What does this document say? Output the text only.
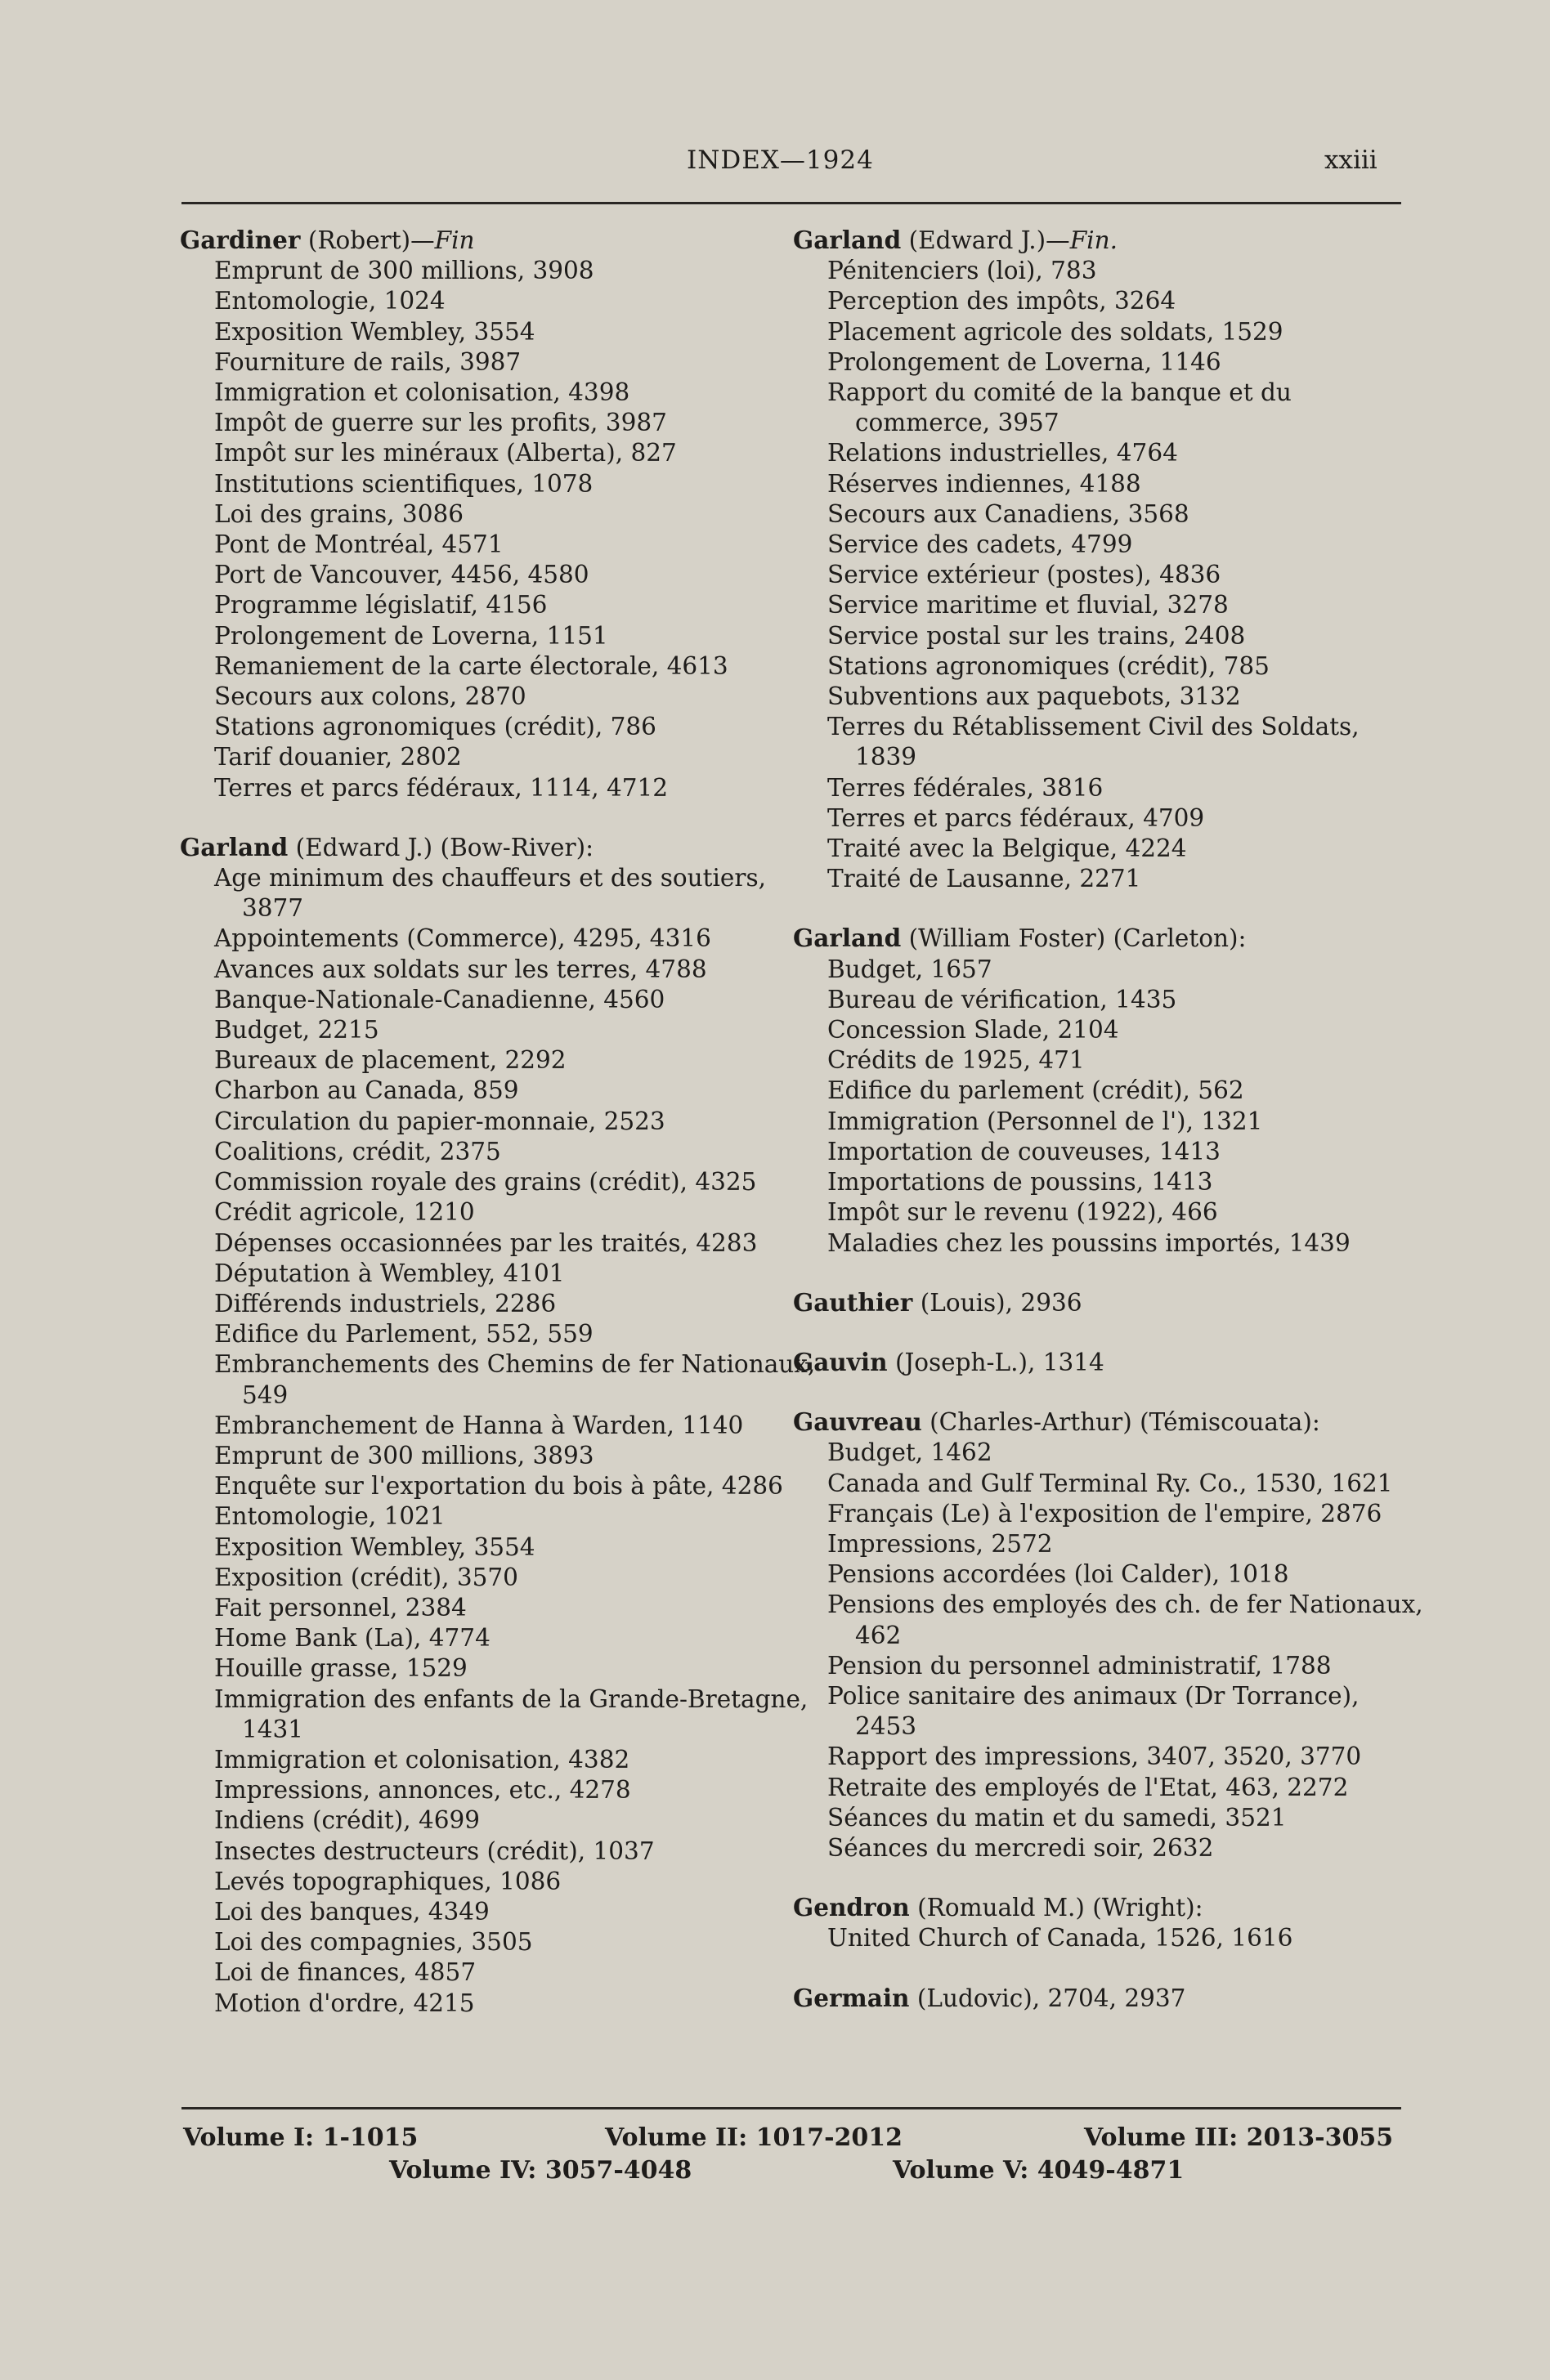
INDEX—1924	xxiii

Gardiner (Robert)—Fin

Emprunt de 300 millions, 3908

Entomologie, 1024

Exposition Wembley, 3554

Fourniture de rails, 3987

Immigration et colonisation, 4398

Impôt de guerre sur les profits, 3987

Impôt sur les minéraux (Alberta), 827

Institutions scientifiques, 1078

Loi des grains, 3086

Pont de Montréal, 4571

Port de Vancouver, 4456, 4580

Programme législatif, 4156

Prolongement de Loverna, 1151

Remaniement de la carte électorale, 4613

Secours aux colons, 2870

Stations agronomiques (crédit), 786

Tarif douanier, 2802

Terres et parcs fédéraux, 1114, 4712

Garland (Edward J.) (Bow-River):

Age minimum des chauffeurs et des soutiers, 3877

Appointements (Commerce), 4295, 4316

Avances aux soldats sur les terres, 4788

Banque-Nationale-Canadienne, 4560

Budget, 2215

Bureaux de placement, 2292

Charbon au Canada, 859

Circulation du papier-monnaie, 2523

Coalitions, crédit, 2375

Commission royale des grains (crédit), 4325

Crédit agricole, 1210

Dépenses occasionnées par les traités, 4283

Députation à Wembley, 4101

Différends industriels, 2286

Edifice du Parlement, 552, 559

Embranchements des Chemins de fer Nationaux, 549

Embranchement de Hanna à Warden, 1140

Emprunt de 300 millions, 3893

Enquête sur l'exportation du bois à pâte, 4286

Entomologie, 1021

Exposition Wembley, 3554

Exposition (crédit), 3570

Fait personnel, 2384

Home Bank (La), 4774

Houille grasse, 1529

Immigration des enfants de la Grande-Bretagne, 1431

Immigration et colonisation, 4382

Impressions, annonces, etc., 4278

Indiens (crédit), 4699

Insectes destructeurs (crédit), 1037

Levés topographiques, 1086

Loi des banques, 4349

Loi des compagnies, 3505

Loi de finances, 4857

Motion d'ordre, 4215

Garland (Edward J.)—Fin.

Pénitenciers (loi), 783

Perception des impôts, 3264

Placement agricole des soldats, 1529

Prolongement de Loverna, 1146

Rapport du comité de la banque et du commerce, 3957

Relations industrielles, 4764

Réserves indiennes, 4188

Secours aux Canadiens, 3568

Service des cadets, 4799

Service extérieur (postes), 4836

Service maritime et fluvial, 3278

Service postal sur les trains, 2408

Stations agronomiques (crédit), 785

Subventions aux paquebots, 3132

Terres du Rétablissement Civil des Soldats, 1839

Terres fédérales, 3816

Terres et parcs fédéraux, 4709

Traité avec la Belgique, 4224

Traité de Lausanne, 2271

Garland (William Foster) (Carleton):

Budget, 1657

Bureau de vérification, 1435

Concession Slade, 2104

Crédits de 1925, 471

Edifice du parlement (crédit), 562

Immigration (Personnel de l'), 1321

Importation de couveuses, 1413

Importations de poussins, 1413

Impôt sur le revenu (1922), 466

Maladies chez les poussins importés, 1439

Gauthier (Louis), 2936

Gauvin (Joseph-L.), 1314

Gauvreau (Charles-Arthur) (Témiscouata):

Budget, 1462

Canada and Gulf Terminal Ry. Co., 1530, 1621

Français (Le) à l'exposition de l'empire, 2876

Impressions, 2572

Pensions accordées (loi Calder), 1018

Pensions des employés des ch. de fer Nationaux, 462

Pension du personnel administratif, 1788

Police sanitaire des animaux (Dr Torrance), 2453

Rapport des impressions, 3407, 3520, 3770

Retraite des employés de l'Etat, 463, 2272

Séances du matin et du samedi, 3521

Séances du mercredi soir, 2632

Gendron (Romuald M.) (Wright):

United Church of Canada, 1526, 1616

Germain (Ludovic), 2704, 2937

Volume I: 1-1015	Volume II: 1017-2012	Volume III: 2013-3055
Volume IV: 3057-4048	Volume V: 4049-4871
